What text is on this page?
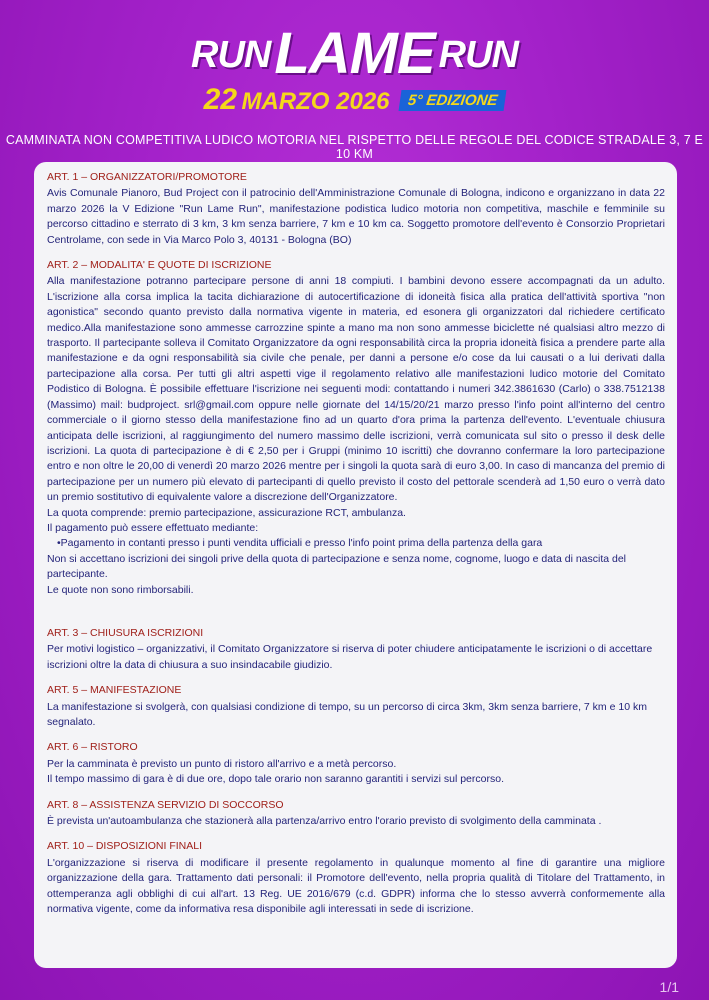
RUNLAME RUN
22 MARZO 2026 5° EDIZIONE
CAMMINATA NON COMPETITIVA LUDICO MOTORIA NEL RISPETTO DELLE REGOLE DEL CODICE STRADALE 3, 7 E 10 KM
ART. 1 – ORGANIZZATORI/PROMOTORE

Avis Comunale Pianoro, Bud Project con il patrocinio dell'Amministrazione Comunale di Bologna, indicono e organizzano in data 22 marzo 2026 la V Edizione "Run Lame Run", manifestazione podistica ludico motoria non competitiva, maschile e femminile su percorso cittadino e sterrato di 3 km, 3 km senza barriere, 7 km e 10 km ca. Soggetto promotore dell'evento è Consorzio Proprietari Centrolame, con sede in Via Marco Polo 3, 40131 - Bologna (BO)

ART. 2 – MODALITA' E QUOTE DI ISCRIZIONE

Alla manifestazione potranno partecipare persone di anni 18 compiuti. I bambini devono essere accompagnati da un adulto. L'iscrizione alla corsa implica la tacita dichiarazione di autocertificazione di idoneità fisica alla pratica dell'attività sportiva "non agonistica" secondo quanto previsto dalla normativa vigente in materia, ed esonera gli organizzatori dal richiedere certificato medico.Alla manifestazione sono ammesse carrozzine spinte a mano ma non sono ammesse biciclette né qualsiasi altro mezzo di trasporto. Il partecipante solleva il Comitato Organizzatore da ogni responsabilità circa la propria idoneità fisica a prendere parte alla manifestazione e da ogni responsabilità sia civile che penale, per danni a persone e/o cose da lui causati o a lui derivati dalla partecipazione alla corsa. Per tutti gli altri aspetti vige il regolamento relativo alle manifestazioni ludico motorie del Comitato Podistico di Bologna. È possibile effettuare l'iscrizione nei seguenti modi: contattando i numeri 342.3861630 (Carlo) o 338.7512138 (Massimo) mail: budproject. srl@gmail.com oppure nelle giornate del 14/15/20/21 marzo presso l'info point all'interno del centro commerciale o il giorno stesso della manifestazione fino ad un quarto d'ora prima la partenza dell'evento. L'eventuale chiusura anticipata delle iscrizioni, al raggiungimento del numero massimo delle iscrizioni, verrà comunicata sul sito o presso il desk delle iscrizioni. La quota di partecipazione è di € 2,50 per i Gruppi (minimo 10 iscritti) che dovranno confermare la loro partecipazione entro e non oltre le 20,00 di venerdì 20 marzo 2026 mentre per i singoli la quota sarà di euro 3,00. In caso di mancanza del premio di partecipazione per un numero più elevato di partecipanti di quello previsto il costo del pettorale scenderà ad 1,50 euro o verrà dato un premio sostitutivo di equivalente valore a discrezione dell'Organizzatore.

La quota comprende: premio partecipazione, assicurazione RCT, ambulanza.

Il pagamento può essere effettuato mediante:

•Pagamento in contanti presso i punti vendita ufficiali e presso l'info point prima della partenza della gara

Non si accettano iscrizioni dei singoli prive della quota di partecipazione e senza nome, cognome, luogo e data di nascita del partecipante.

Le quote non sono rimborsabili.

ART. 3 – CHIUSURA ISCRIZIONI

Per motivi logistico – organizzativi, il Comitato Organizzatore si riserva di poter chiudere anticipatamente le iscrizioni o di accettare iscrizioni oltre la data di chiusura a suo insindacabile giudizio.

ART. 5 – MANIFESTAZIONE

La manifestazione si svolgerà, con qualsiasi condizione di tempo, su un percorso di circa 3km, 3km senza barriere, 7 km e 10 km segnalato.

ART. 6 – RISTORO

Per la camminata è previsto un punto di ristoro all'arrivo e a metà percorso.

Il tempo massimo di gara è di due ore, dopo tale orario non saranno garantiti i servizi sul percorso.

ART. 8 – ASSISTENZA SERVIZIO DI SOCCORSO

È prevista un'autoambulanza che stazionerà alla partenza/arrivo entro l'orario previsto di svolgimento della camminata .

ART. 10 – DISPOSIZIONI FINALI

L'organizzazione si riserva di modificare il presente regolamento in qualunque momento al fine di garantire una migliore organizzazione della gara. Trattamento dati personali: il Promotore dell'evento, nella propria qualità di Titolare del Trattamento, in ottemperanza agli obblighi di cui all'art. 13 Reg. UE 2016/679 (c.d. GDPR) informa che lo stesso avverrà conformemente alla normativa vigente, come da informativa resa disponibile agli interessati in sede di iscrizione.

1/1
